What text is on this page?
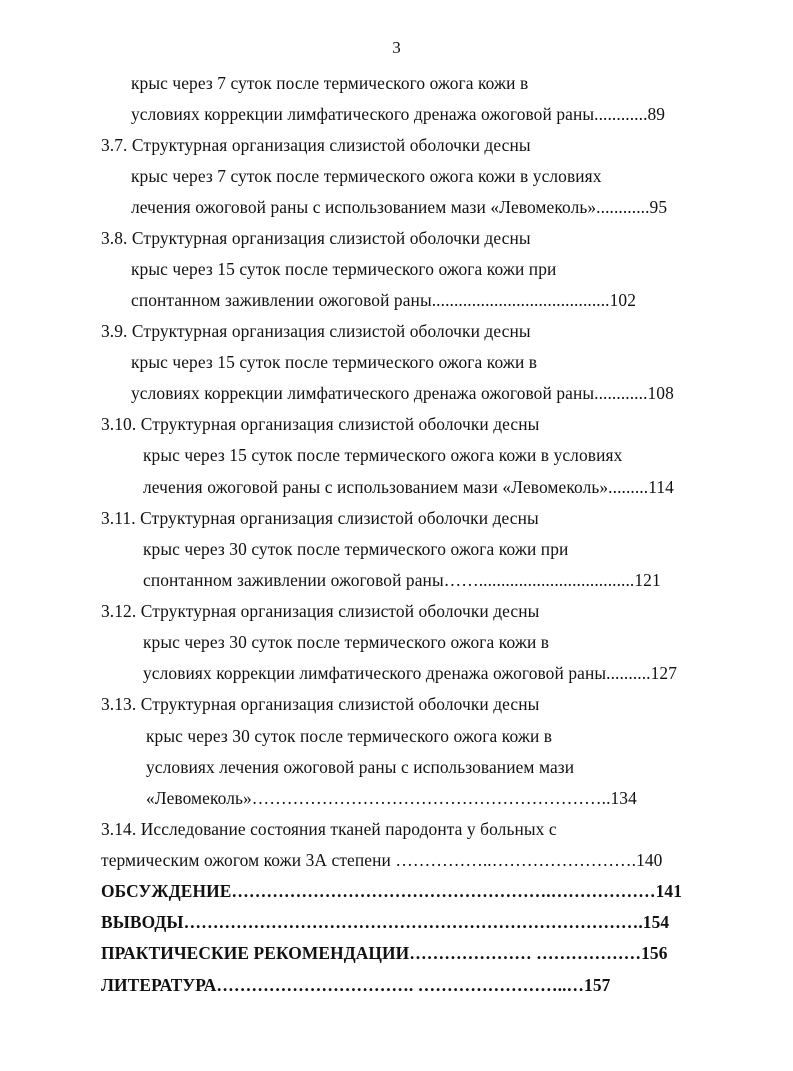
3
крыс через 7 суток после термического ожога кожи в
условиях коррекции лимфатического дренажа ожоговой раны............89
3.7. Структурная организация слизистой оболочки десны
крыс через 7 суток после термического ожога кожи в условиях
лечения ожоговой раны с использованием мази «Левомеколь»............95
3.8. Структурная организация слизистой оболочки десны
крыс через 15 суток после термического ожога кожи при
спонтанном заживлении ожоговой раны........................................102
3.9. Структурная организация слизистой оболочки десны
крыс через 15 суток после термического ожога кожи в
условиях коррекции лимфатического дренажа ожоговой раны............108
3.10. Структурная организация слизистой оболочки десны
крыс через 15 суток после термического ожога кожи в условиях
лечения ожоговой раны с использованием мази «Левомеколь».........114
3.11. Структурная организация слизистой оболочки десны
крыс через 30 суток после термического ожога кожи при
спонтанном заживлении ожоговой раны……...................................121
3.12. Структурная организация слизистой оболочки десны
крыс через 30 суток после термического ожога кожи в
условиях коррекции лимфатического дренажа ожоговой раны..........127
3.13. Структурная организация слизистой оболочки десны
крыс через 30 суток после термического ожога кожи в
условиях лечения ожоговой раны с использованием мази
«Левомеколь»……………………………………………………..134
3.14. Исследование состояния тканей пародонта у больных с
термическим ожогом кожи 3А степени ……………..…………………….140
ОБСУЖДЕНИЕ……………………………………………….………………141
ВЫВОДЫ…………………………………………………………………….154
ПРАКТИЧЕСКИЕ РЕКОМЕНДАЦИИ………………… ………………156
ЛИТЕРАТУРА……………………………. ……………………..…157
